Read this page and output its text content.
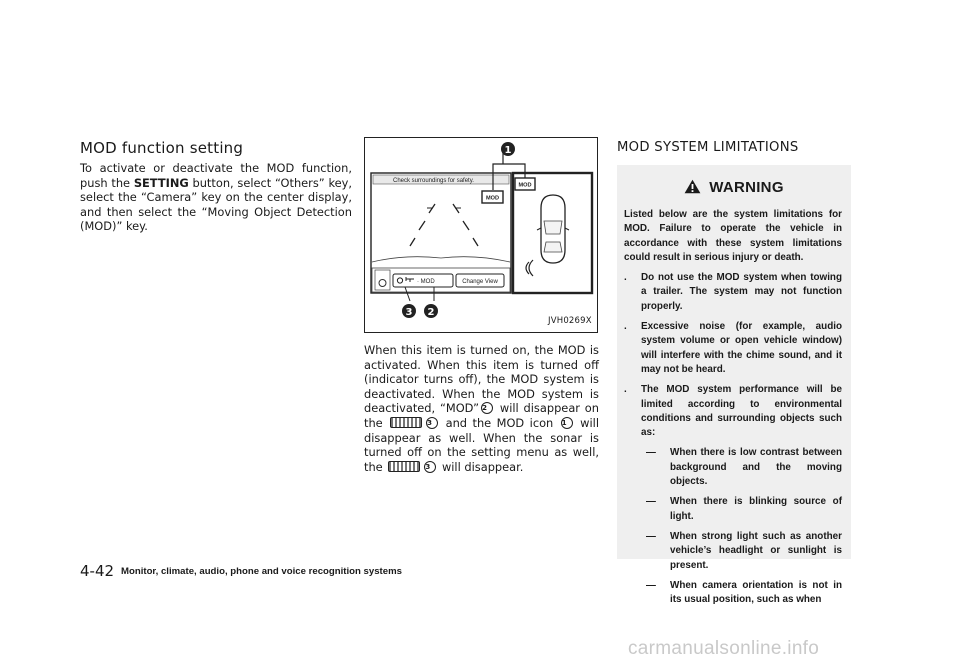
MOD function setting
To activate or deactivate the MOD function, push the SETTING button, select “Others” key, select the “Camera” key on the center display, and then select the “Moving Object Detection (MOD)” key.
1
2
3
Check surroundings for safety.
MOD
MOD
· MOD	Change View
JVH0269X
When this item is turned on, the MOD is activated. When this item is turned off (indicator turns off), the MOD system is deactivated. When the MOD system is deactivated, “MOD” 2 will disappear on the	3 and the MOD icon 1 will disappear as well. When the sonar is turned off on the setting menu as well, the	3 will disappear.
MOD SYSTEM LIMITATIONS
WARNING
Listed below are the system limitations for MOD. Failure to operate the vehicle in accordance with these system limitations could result in serious injury or death.
.	Do not use the MOD system when towing a trailer. The system may not function properly.
.	Excessive noise (for example, audio system volume or open vehicle window) will interfere with the chime sound, and it may not be heard.
.	The MOD system performance will be limited according to environmental conditions and surrounding objects such as:
—	When there is low contrast between background and the moving objects.
—	When there is blinking source of light.
—	When strong light such as another vehicle’s headlight or sunlight is present.
—	When camera orientation is not in its usual position, such as when
4-42 Monitor, climate, audio, phone and voice recognition systems
carmanualsonline.info
